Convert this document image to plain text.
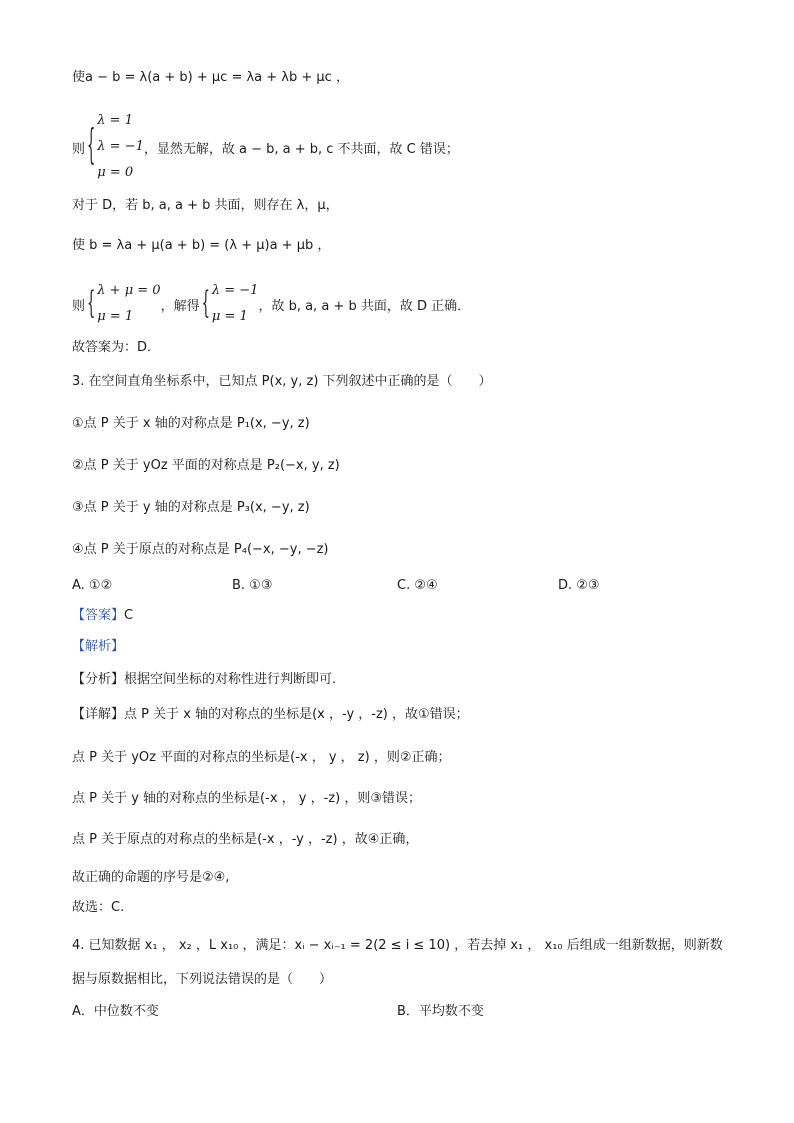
使a − b = λ(a + b) + μc = λa + λb + μc ，
则 {
λ = 1
λ = −1
μ = 0
，显然无解，故 a − b, a + b, c 不共面，故 C 错误；
对于 D，若 b, a, a + b 共面，则存在 λ，μ，
使 b = λa + μ(a + b) = (λ + μ)a + μb ，
则 { λ + μ = 0
μ = 1
，解得 { λ = −1
μ = 1
，故 b, a, a + b 共面，故 D 正确．
故答案为：D．
3. 在空间直角坐标系中，已知点 P(x, y, z) 下列叙述中正确的是（　　）
①点 P 关于 x 轴的对称点是 P₁(x, −y, z)
②点 P 关于 yOz 平面的对称点是 P₂(−x, y, z)
③点 P 关于 y 轴的对称点是 P₃(x, −y, z)
④点 P 关于原点的对称点是 P₄(−x, −y, −z)
A. ①②	B. ①③	C. ②④	D. ②③
【答案】C
【解析】
【分析】根据空间坐标的对称性进行判断即可．
【详解】点 P 关于 x 轴的对称点的坐标是(x ，-y ，-z) ，故①错误；
点 P 关于 yOz 平面的对称点的坐标是(-x ， y ， z) ，则②正确；
点 P 关于 y 轴的对称点的坐标是(-x ， y ，-z) ，则③错误；
点 P 关于原点的对称点的坐标是(-x ，-y ，-z) ，故④正确，
故正确的命题的序号是②④,
故选：C.
4. 已知数据 x₁ ， x₂ ，L x₁₀ ，满足：xᵢ − xᵢ₋₁ = 2(2 ≤ i ≤ 10) ，若去掉 x₁ ， x₁₀ 后组成一组新数据，则新数
据与原数据相比，下列说法错误的是（　　）
A．中位数不变	B．平均数不变
